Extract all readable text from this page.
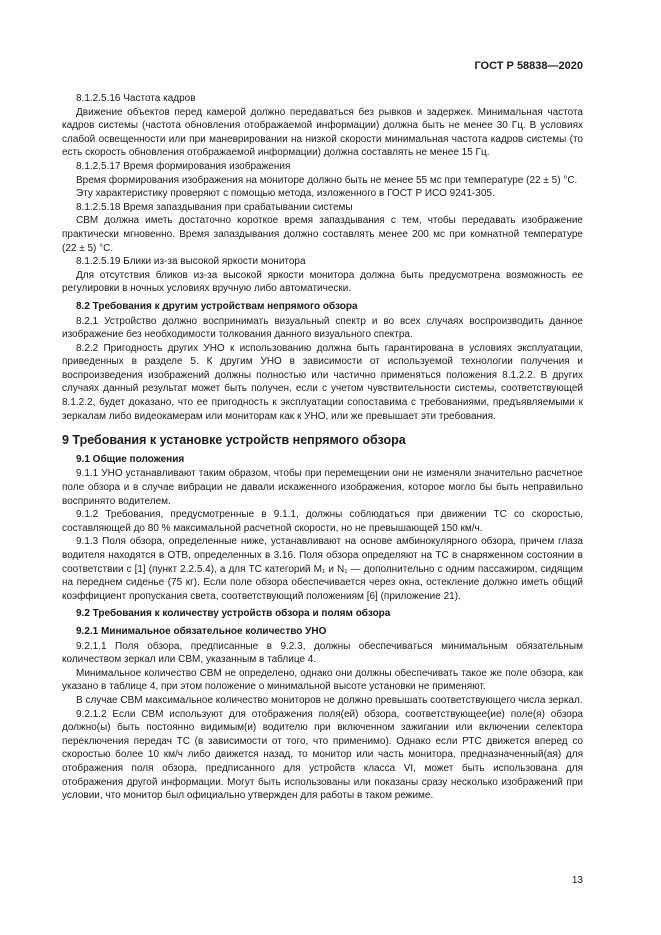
ГОСТ Р 58838—2020
8.1.2.5.16 Частота кадров
Движение объектов перед камерой должно передаваться без рывков и задержек. Минимальная частота кадров системы (частота обновления отображаемой информации) должна быть не менее 30 Гц. В условиях слабой освещенности или при маневрировании на низкой скорости минимальная частота кадров системы (то есть скорость обновления отображаемой информации) должна составлять не менее 15 Гц.
8.1.2.5.17 Время формирования изображения
Время формирования изображения на мониторе должно быть не менее 55 мс при температуре (22 ± 5) °С.
Эту характеристику проверяют с помощью метода, изложенного в ГОСТ Р ИСО 9241-305.
8.1.2.5.18 Время запаздывания при срабатывании системы
СВМ должна иметь достаточно короткое время запаздывания с тем, чтобы передавать изображение практически мгновенно. Время запаздывания должно составлять менее 200 мс при комнатной температуре (22 ± 5) °С.
8.1.2.5.19 Блики из-за высокой яркости монитора
Для отсутствия бликов из-за высокой яркости монитора должна быть предусмотрена возможность ее регулировки в ночных условиях вручную либо автоматически.
8.2 Требования к другим устройствам непрямого обзора
8.2.1 Устройство должно воспринимать визуальный спектр и во всех случаях воспроизводить данное изображение без необходимости толкования данного визуального спектра.
8.2.2 Пригодность других УНО к использованию должна быть гарантирована в условиях эксплуатации, приведенных в разделе 5. К другим УНО в зависимости от используемой технологии получения и воспроизведения изображений должны полностью или частично применяться положения 8.1.2.2. В других случаях данный результат может быть получен, если с учетом чувствительности системы, соответствующей 8.1.2.2, будет доказано, что ее пригодность к эксплуатации сопоставима с требованиями, предъявляемыми к зеркалам либо видеокамерам или мониторам как к УНО, или же превышает эти требования.
9 Требования к установке устройств непрямого обзора
9.1 Общие положения
9.1.1 УНО устанавливают таким образом, чтобы при перемещении они не изменяли значительно расчетное поле обзора и в случае вибрации не давали искаженного изображения, которое могло бы быть неправильно воспринято водителем.
9.1.2 Требования, предусмотренные в 9.1.1, должны соблюдаться при движении ТС со скоростью, составляющей до 80 % максимальной расчетной скорости, но не превышающей 150 км/ч.
9.1.3 Поля обзора, определенные ниже, устанавливают на основе амбинокулярного обзора, причем глаза водителя находятся в ОТВ, определенных в 3.16. Поля обзора определяют на ТС в снаряженном состоянии в соответствии с [1] (пункт 2.2.5.4), а для ТС категорий М₁ и N₁ — дополнительно с одним пассажиром, сидящим на переднем сиденье (75 кг). Если поле обзора обеспечивается через окна, остекление должно иметь общий коэффициент пропускания света, соответствующий положениям [6] (приложение 21).
9.2 Требования к количеству устройств обзора и полям обзора
9.2.1 Минимальное обязательное количество УНО
9.2.1.1 Поля обзора, предписанные в 9.2.3, должны обеспечиваться минимальным обязательным количеством зеркал или СВМ, указанным в таблице 4.
Минимальное количество СВМ не определено, однако они должны обеспечивать такое же поле обзора, как указано в таблице 4, при этом положение о минимальной высоте установки не применяют.
В случае СВМ максимальное количество мониторов не должно превышать соответствующего числа зеркал.
9.2.1.2 Если СВМ используют для отображения поля(ей) обзора, соответствующее(ие) поле(я) обзора должно(ы) быть постоянно видимым(и) водителю при включенном зажигании или включении селектора переключения передач ТС (в зависимости от того, что применимо). Однако если РТС движется вперед со скоростью более 10 км/ч либо движется назад, то монитор или часть монитора, предназначенный(ая) для отображения поля обзора, предписанного для устройств класса VI, может быть использована для отображения другой информации. Могут быть использованы или показаны сразу несколько изображений при условии, что монитор был официально утвержден для работы в таком режиме.
13
